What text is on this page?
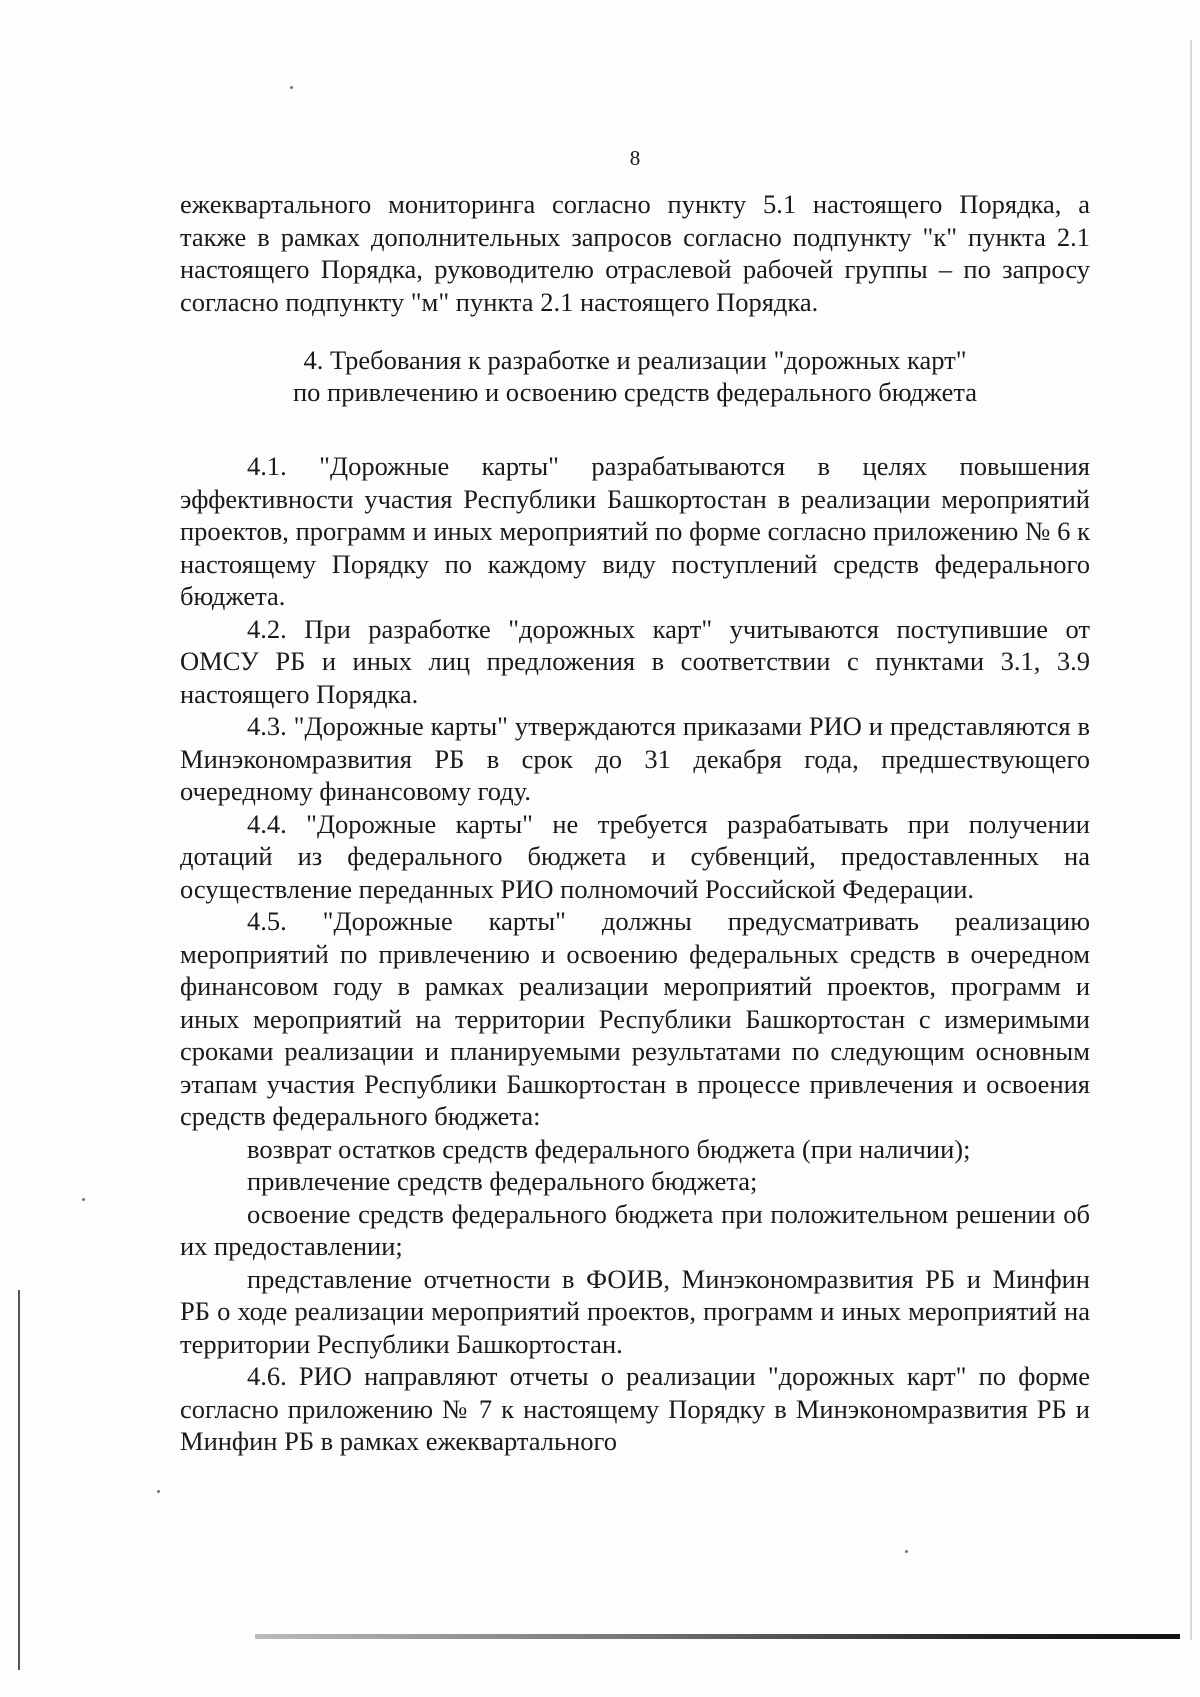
8

ежеквартального мониторинга согласно пункту 5.1 настоящего Порядка, а также в рамках дополнительных запросов согласно подпункту "к" пункта 2.1 настоящего Порядка, руководителю отраслевой рабочей группы – по запросу согласно подпункту "м" пункта 2.1 настоящего Порядка.

4. Требования к разработке и реализации "дорожных карт"
по привлечению и освоению средств федерального бюджета

4.1. "Дорожные карты" разрабатываются в целях повышения эффективности участия Республики Башкортостан в реализации мероприятий проектов, программ и иных мероприятий по форме согласно приложению № 6 к настоящему Порядку по каждому виду поступлений средств федерального бюджета.

4.2. При разработке "дорожных карт" учитываются поступившие от ОМСУ РБ и иных лиц предложения в соответствии с пунктами 3.1, 3.9 настоящего Порядка.

4.3. "Дорожные карты" утверждаются приказами РИО и представляются в Минэкономразвития РБ в срок до 31 декабря года, предшествующего очередному финансовому году.

4.4. "Дорожные карты" не требуется разрабатывать при получении дотаций из федерального бюджета и субвенций, предоставленных на осуществление переданных РИО полномочий Российской Федерации.

4.5. "Дорожные карты" должны предусматривать реализацию мероприятий по привлечению и освоению федеральных средств в очередном финансовом году в рамках реализации мероприятий проектов, программ и иных мероприятий на территории Республики Башкортостан с измеримыми сроками реализации и планируемыми результатами по следующим основным этапам участия Республики Башкортостан в процессе привлечения и освоения средств федерального бюджета:

возврат остатков средств федерального бюджета (при наличии);

привлечение средств федерального бюджета;

освоение средств федерального бюджета при положительном решении об их предоставлении;

представление отчетности в ФОИВ, Минэкономразвития РБ и Минфин РБ о ходе реализации мероприятий проектов, программ и иных мероприятий на территории Республики Башкортостан.

4.6. РИО направляют отчеты о реализации "дорожных карт" по форме согласно приложению № 7 к настоящему Порядку в Минэкономразвития РБ и Минфин РБ в рамках ежеквартального
